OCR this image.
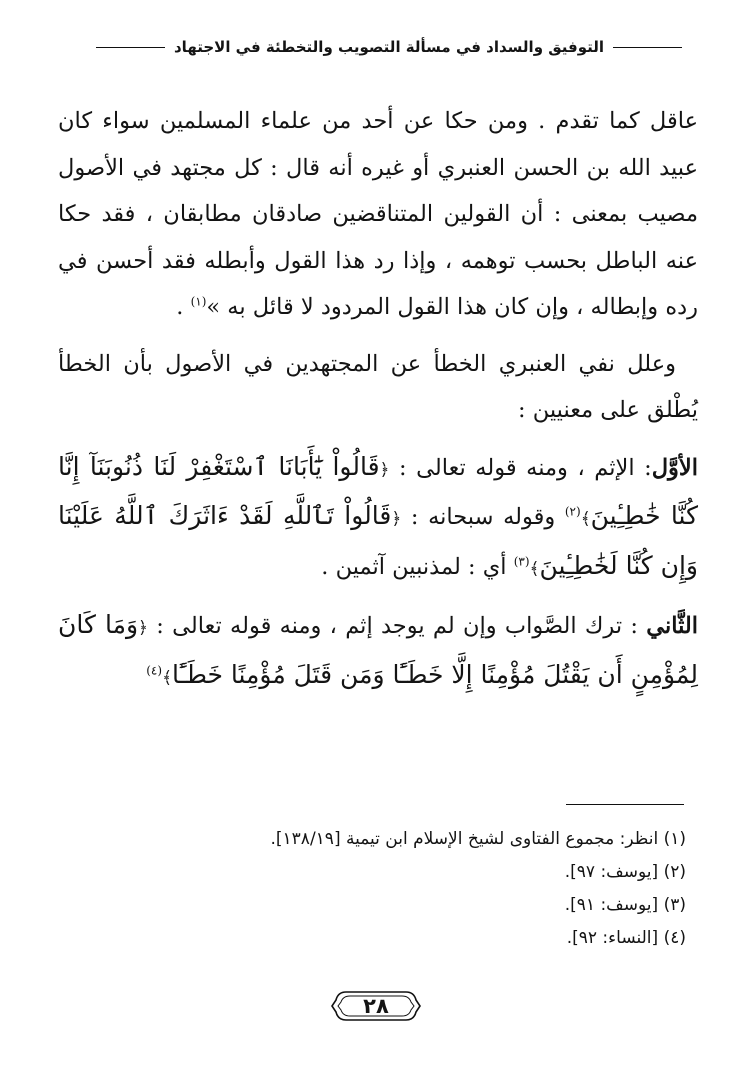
التوفيق والسداد في مسألة التصويب والتخطئة في الاجتهاد

عاقل كما تقدم . ومن حكا عن أحد من علماء المسلمين سواء كان عبيد الله بن الحسن العنبري أو غيره أنه قال : كل مجتهد في الأصول مصيب بمعنى : أن القولين المتناقضين صادقان مطابقان ، فقد حكا عنه الباطل بحسب توهمه ، وإذا رد هذا القول وأبطله فقد أحسن في رده وإبطاله ، وإن كان هذا القول المردود لا قائل به »$^{(١)}$ .

وعلل نفي العنبري الخطأ عن المجتهدين في الأصول بأن الخطأ يُطْلق على معنيين :

الأوَّل: الإثم ، ومنه قوله تعالى : ﴿قَالُواْ يَٰٓأَبَانَا ٱسْتَغْفِرْ لَنَا ذُنُوبَنَآ إِنَّا كُنَّا خَٰطِـِٔينَ﴾$^{(٢)}$ وقوله سبحانه : ﴿قَالُواْ تَٱللَّهِ لَقَدْ ءَاثَرَكَ ٱللَّهُ عَلَيْنَا وَإِن كُنَّا لَخَٰطِـِٔينَ﴾$^{(٣)}$ أي : لمذنبين آثمين .

الثَّاني : ترك الصَّواب وإن لم يوجد إثم ، ومنه قوله تعالى : ﴿وَمَا كَانَ لِمُؤْمِنٍ أَن يَقْتُلَ مُؤْمِنًا إِلَّا خَطَـًٔا وَمَن قَتَلَ مُؤْمِنًا خَطَـًٔا﴾$^{(٤)}$

(١) انظر: مجموع الفتاوى لشيخ الإسلام ابن تيمية [١٣٨/١٩].
(٢) [يوسف: ٩٧].
(٣) [يوسف: ٩١].
(٤) [النساء: ٩٢].
٢٨
